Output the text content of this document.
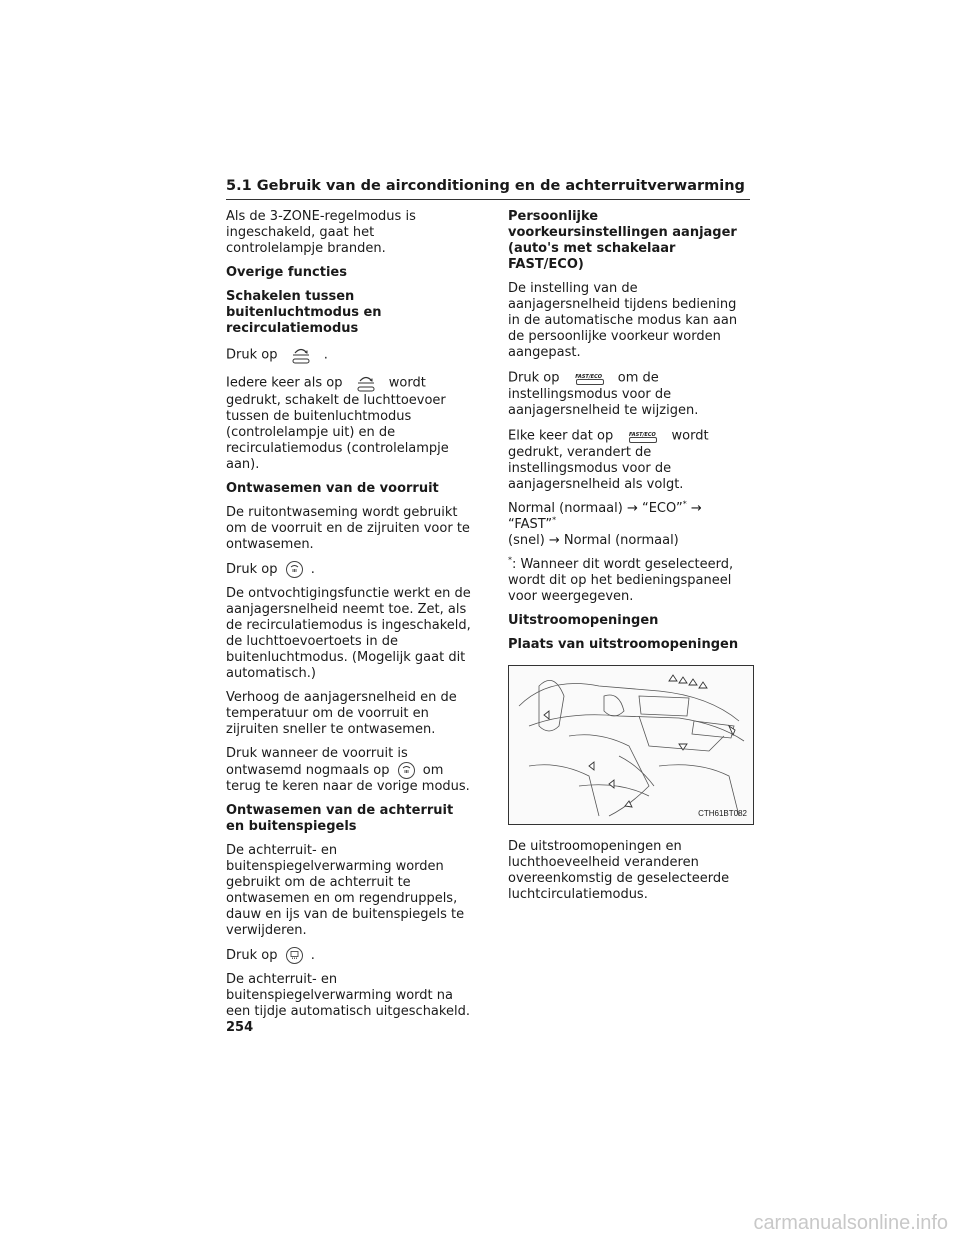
5.1 Gebruik van de airconditioning en de achterruitverwarming

Als de 3-ZONE-regelmodus is ingeschakeld, gaat het controlelampje branden.

Overige functies

Schakelen tussen buitenluchtmodus en recirculatiemodus

Druk op	.

Iedere keer als op	wordt gedrukt, schakelt de luchttoevoer tussen de buitenluchtmodus (controlelampje uit) en de recirculatiemodus (controlelampje aan).

Ontwasemen van de voorruit

De ruitontwaseming wordt gebruikt om de voorruit en de zijruiten voor te ontwasemen.

Druk op	.

De ontvochtigingsfunctie werkt en de aanjagersnelheid neemt toe. Zet, als de recirculatiemodus is ingeschakeld, de luchttoevoertoets in de buitenluchtmodus. (Mogelijk gaat dit automatisch.)

Verhoog de aanjagersnelheid en de temperatuur om de voorruit en zijruiten sneller te ontwasemen.

Druk wanneer de voorruit is ontwasemd nogmaals op	om terug te keren naar de vorige modus.

Ontwasemen van de achterruit en buitenspiegels

De achterruit- en buitenspiegelverwarming worden gebruikt om de achterruit te ontwasemen en om regendruppels, dauw en ijs van de buitenspiegels te verwijderen.

Druk op	.

De achterruit- en buitenspiegelverwarming wordt na een tijdje automatisch uitgeschakeld.

Persoonlijke voorkeursinstellingen aanjager (auto's met schakelaar FAST/ECO)

De instelling van de aanjagersnelheid tijdens bediening in de automatische modus kan aan de persoonlijke voorkeur worden aangepast.

Druk op	FAST/ECO	om de instellingsmodus voor de aanjagersnelheid te wijzigen.

Elke keer dat op	FAST/ECO	wordt gedrukt, verandert de instellingsmodus voor de aanjagersnelheid als volgt.

Normal (normaal) → “ECO”* → “FAST”*
(snel) → Normal (normaal)

*: Wanneer dit wordt geselecteerd, wordt dit op het bedieningspaneel voor weergegeven.

Uitstroomopeningen

Plaats van uitstroomopeningen

CTH61BT082

De uitstroomopeningen en luchthoeveelheid veranderen overeenkomstig de geselecteerde luchtcirculatiemodus.

254
carmanualsonline.info
